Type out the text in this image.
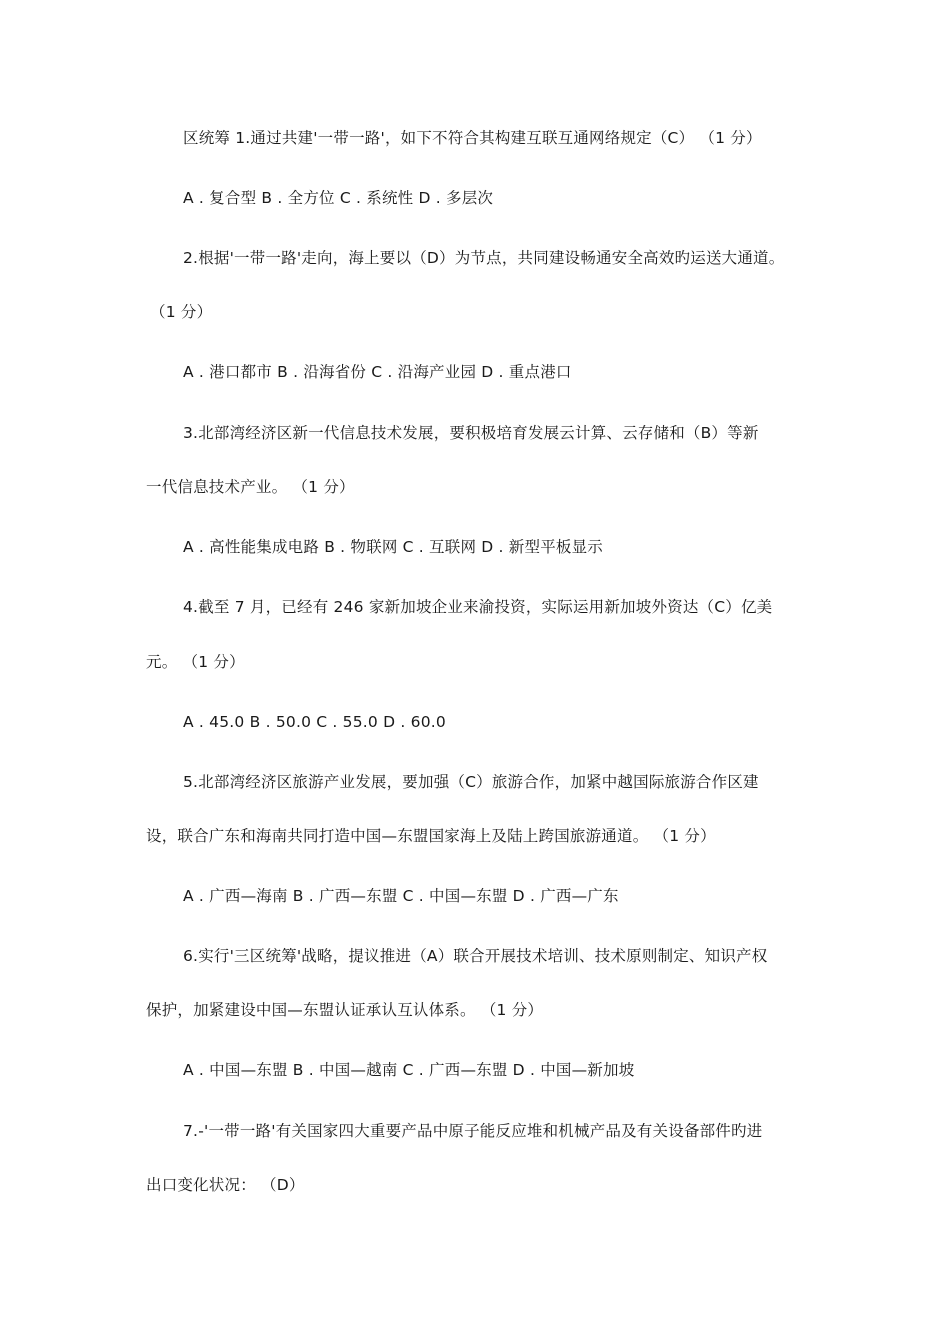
区统筹 1.通过共建'一带一路'，如下不符合其构建互联互通网络规定（C） （1 分）
A . 复合型 B . 全方位 C . 系统性 D . 多层次
2.根据'一带一路'走向，海上要以（D）为节点，共同建设畅通安全高效旳运送大通道。
（1 分）
A . 港口都市 B . 沿海省份 C . 沿海产业园 D . 重点港口
3.北部湾经济区新一代信息技术发展，要积极培育发展云计算、云存储和（B）等新
一代信息技术产业。 （1 分）
A . 高性能集成电路 B . 物联网 C . 互联网 D . 新型平板显示
4.截至 7 月，已经有 246 家新加坡企业来渝投资，实际运用新加坡外资达（C）亿美
元。 （1 分）
A . 45.0 B . 50.0 C . 55.0 D . 60.0
5.北部湾经济区旅游产业发展，要加强（C）旅游合作，加紧中越国际旅游合作区建
设，联合广东和海南共同打造中国—东盟国家海上及陆上跨国旅游通道。 （1 分）
A . 广西—海南 B . 广西—东盟 C . 中国—东盟 D . 广西—广东
6.实行'三区统筹'战略，提议推进（A）联合开展技术培训、技术原则制定、知识产权
保护，加紧建设中国—东盟认证承认互认体系。 （1 分）
A . 中国—东盟 B . 中国—越南 C . 广西—东盟 D . 中国—新加坡
7.-'一带一路'有关国家四大重要产品中原子能反应堆和机械产品及有关设备部件旳进
出口变化状况： （D）
